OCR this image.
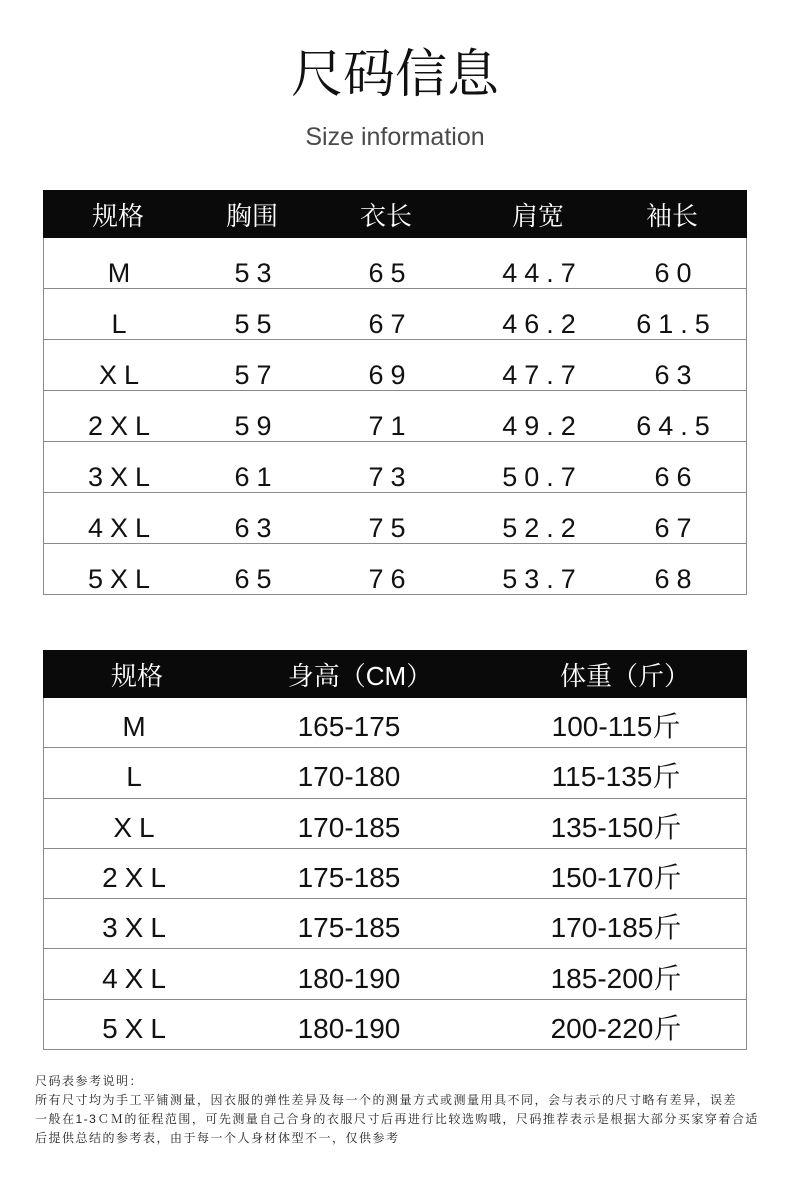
尺码信息
Size information
规格	胸围	衣长	肩宽	袖长
M	53	65	44.7	60
L	55	67	46.2	61.5
XL	57	69	47.7	63
2XL	59	71	49.2	64.5
3XL	61	73	50.7	66
4XL	63	75	52.2	67
5XL	65	76	53.7	68
规格	身高（CM）	体重（斤）
M	165-175	100-115斤
L	170-180	115-135斤
XL	170-185	135-150斤
2XL	175-185	150-170斤
3XL	175-185	170-185斤
4XL	180-190	185-200斤
5XL	180-190	200-220斤
尺码表参考说明：
所有尺寸均为手工平铺测量，因衣服的弹性差异及每一个的测量方式或测量用具不同，会与表示的尺寸略有差异，误差
一般在1-3ＣＭ的征程范围，可先测量自己合身的衣服尺寸后再进行比较选购哦，尺码推荐表示是根据大部分买家穿着合适
后提供总结的参考表，由于每一个人身材体型不一，仅供参考
